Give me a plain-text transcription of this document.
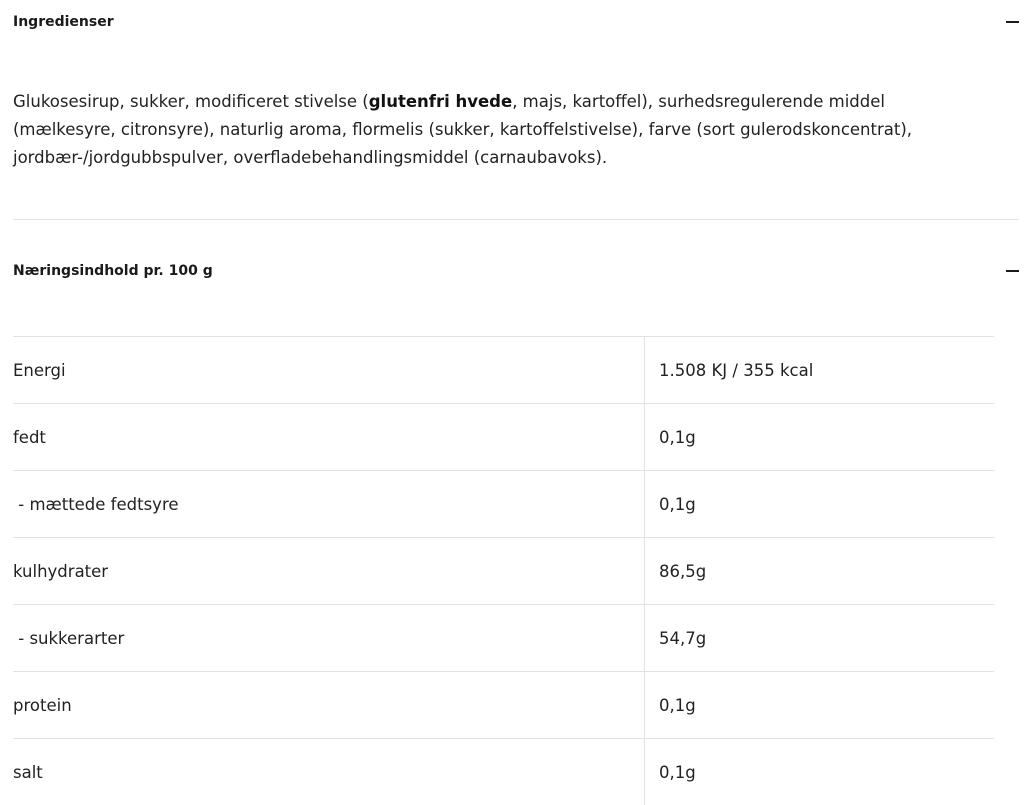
Ingredienser
Glukosesirup, sukker, modificeret stivelse (glutenfri hvede, majs, kartoffel), surhedsregulerende middel (mælkesyre, citronsyre), naturlig aroma, flormelis (sukker, kartoffelstivelse), farve (sort gulerodskoncentrat), jordbær-/jordgubbspulver, overfladebehandlingsmiddel (carnaubavoks).
Næringsindhold pr. 100 g
Energi	1.508 KJ / 355 kcal
fedt	0,1g
- mættede fedtsyre	0,1g
kulhydrater	86,5g
- sukkerarter	54,7g
protein	0,1g
salt	0,1g
